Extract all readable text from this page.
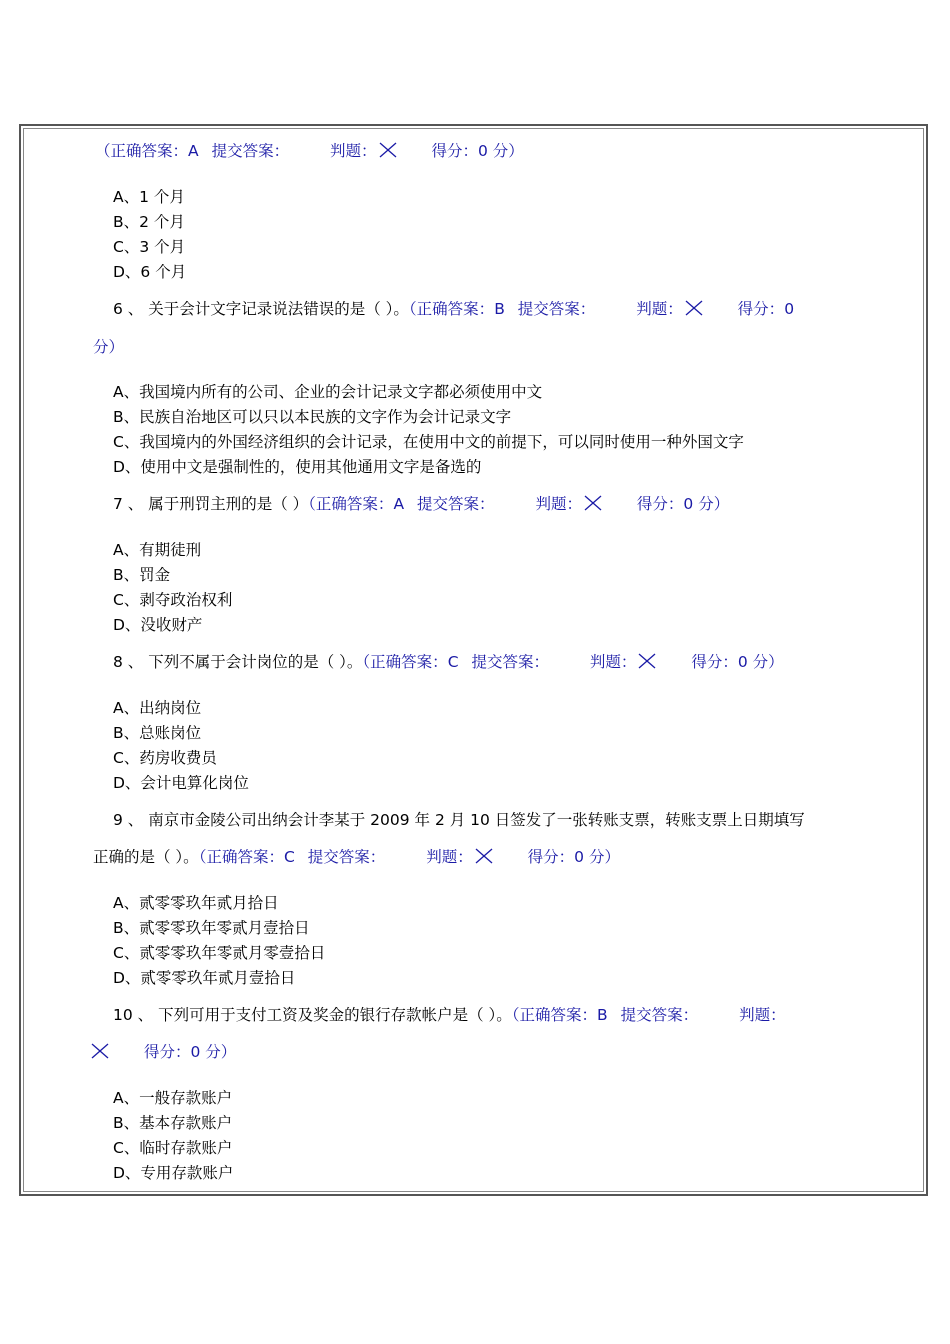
（正确答案：A 提交答案：	判题：	得分：0 分）
A、1 个月
B、2 个月
C、3 个月
D、6 个月
6 、 关于会计文字记录说法错误的是（ ）。（正确答案：B 提交答案：	判题：	得分：0
分）
A、我国境内所有的公司、企业的会计记录文字都必须使用中文
B、民族自治地区可以只以本民族的文字作为会计记录文字
C、我国境内的外国经济组织的会计记录，在使用中文的前提下，可以同时使用一种外国文字
D、使用中文是强制性的，使用其他通用文字是备选的
7 、 属于刑罚主刑的是（ ）（正确答案：A 提交答案：	判题：	得分：0 分）
A、有期徒刑
B、罚金
C、剥夺政治权利
D、没收财产
8 、 下列不属于会计岗位的是（ ）。（正确答案：C 提交答案：	判题：	得分：0 分）
A、出纳岗位
B、总账岗位
C、药房收费员
D、会计电算化岗位
9 、 南京市金陵公司出纳会计李某于 2009 年 2 月 10 日签发了一张转账支票，转账支票上日期填写
正确的是（ ）。（正确答案：C 提交答案：	判题：	得分：0 分）
A、贰零零玖年贰月拾日
B、贰零零玖年零贰月壹拾日
C、贰零零玖年零贰月零壹拾日
D、贰零零玖年贰月壹拾日
10 、 下列可用于支付工资及奖金的银行存款帐户是（ ）。（正确答案：B 提交答案：	判题：
得分：0 分）
A、一般存款账户
B、基本存款账户
C、临时存款账户
D、专用存款账户
